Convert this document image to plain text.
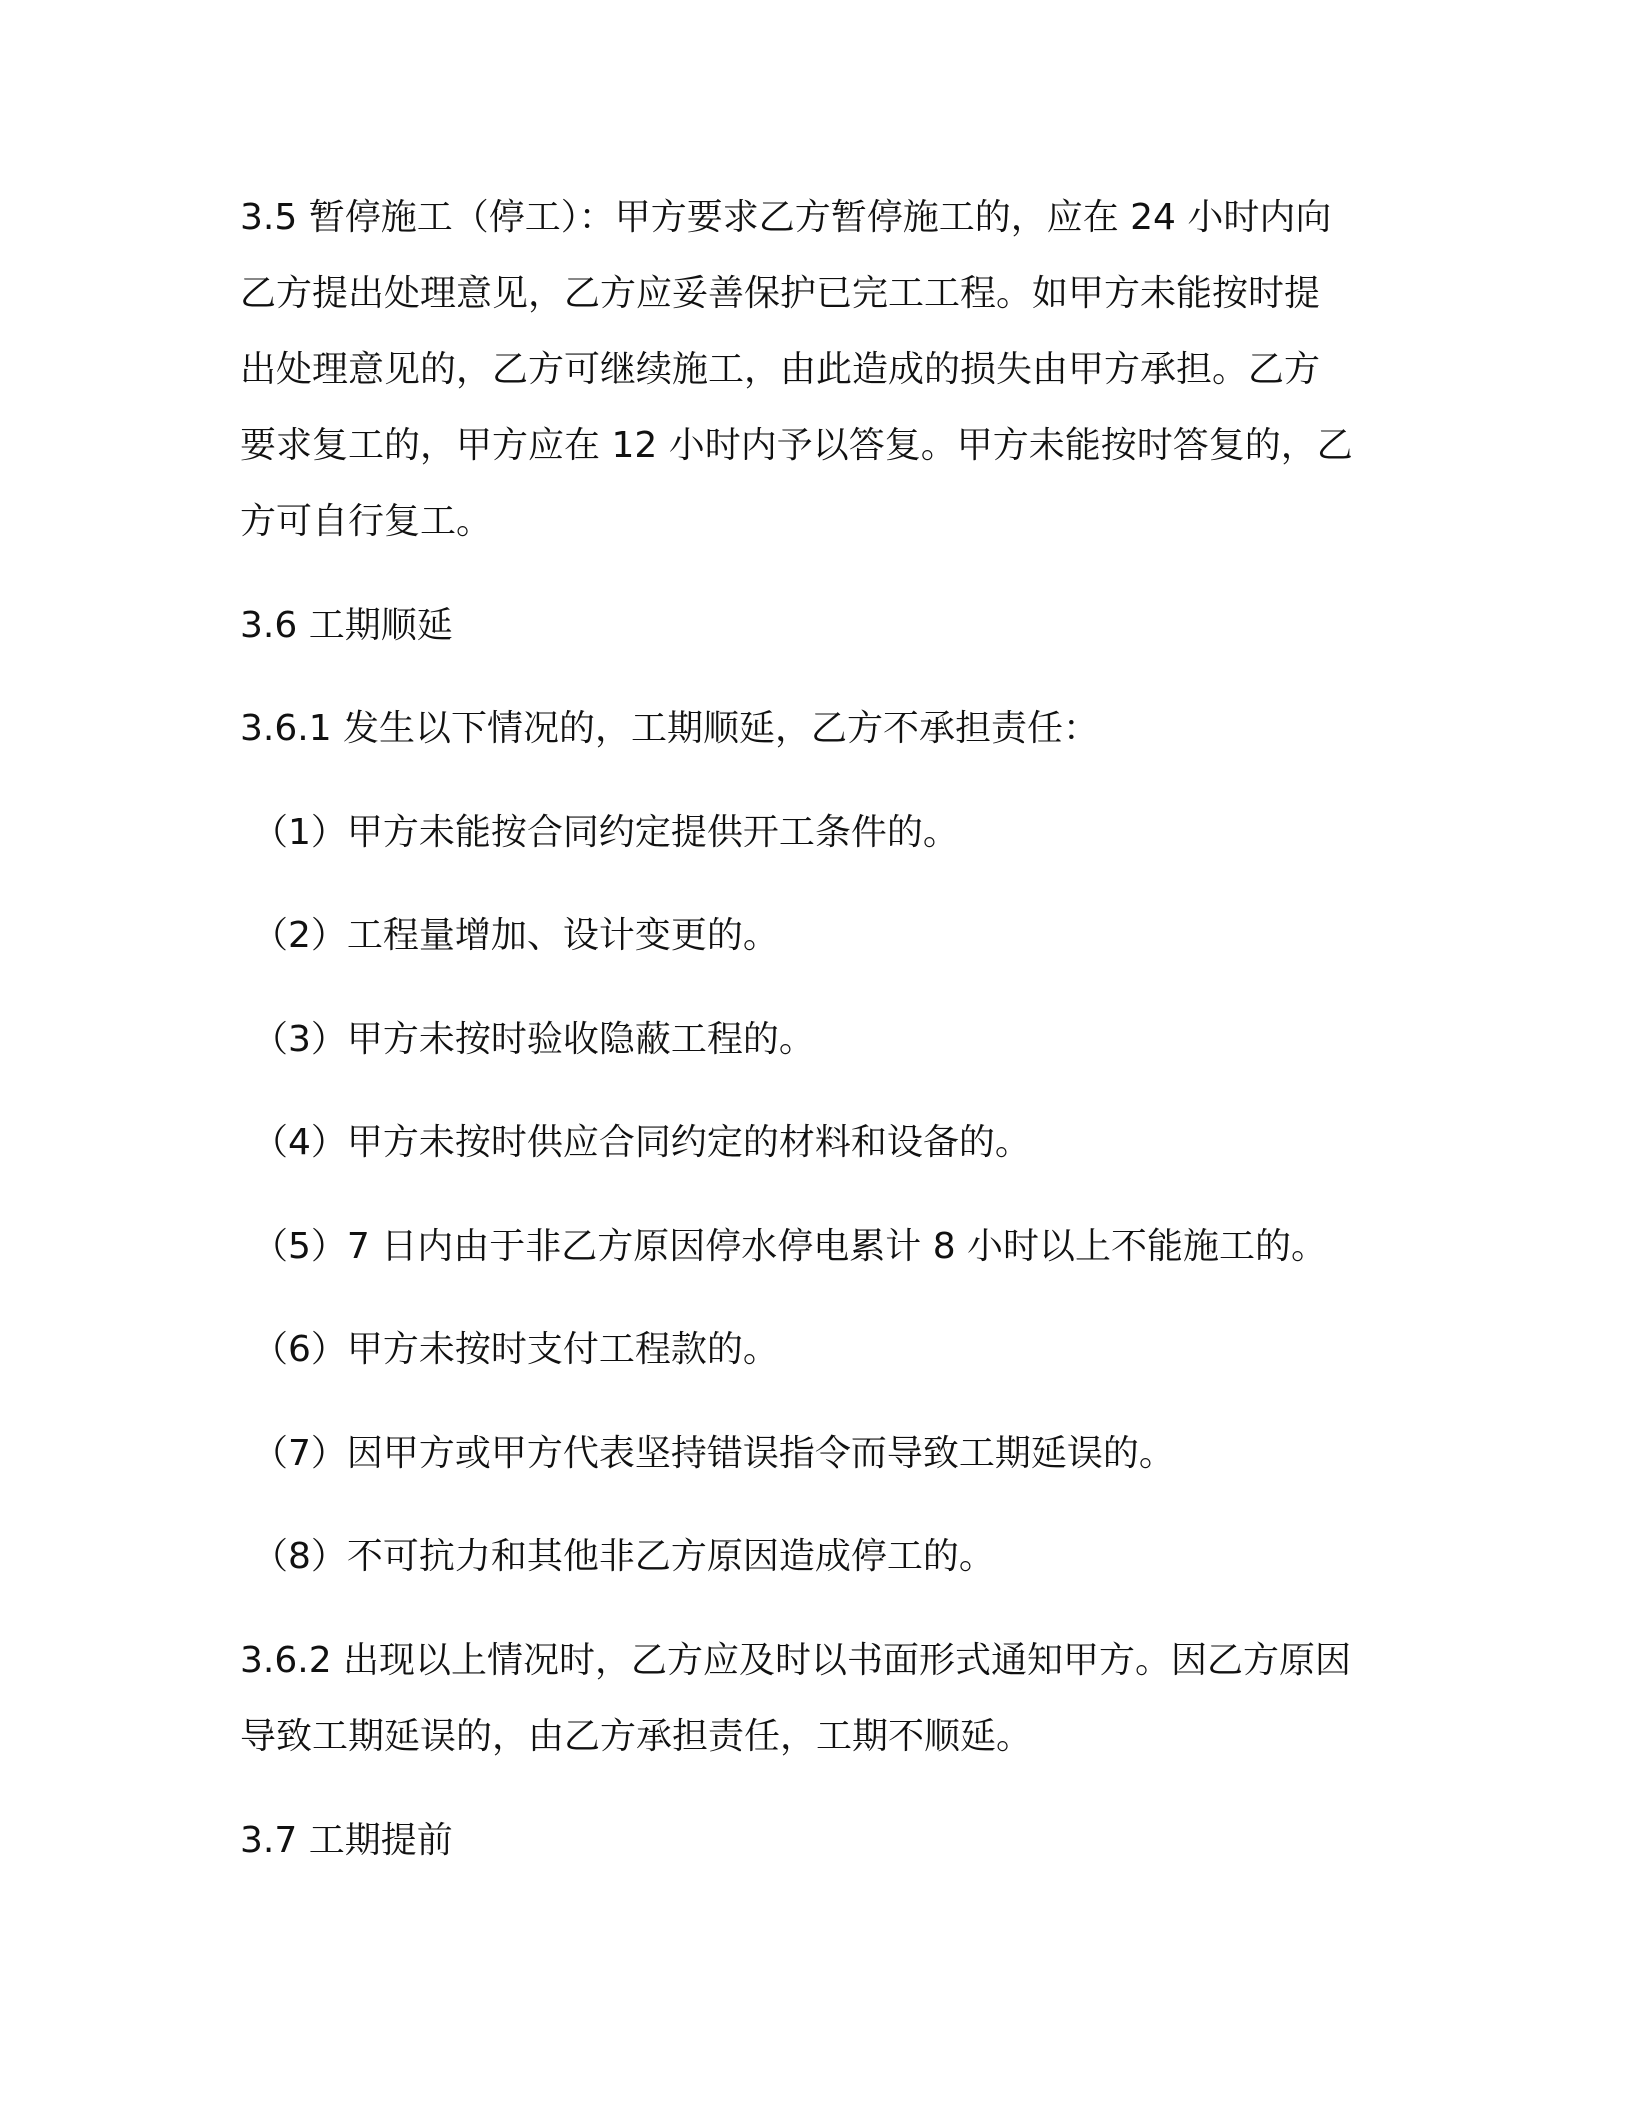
3.5 暂停施工（停工）：甲方要求乙方暂停施工的，应在 24 小时内向
乙方提出处理意见，乙方应妥善保护已完工工程。如甲方未能按时提
出处理意见的，乙方可继续施工，由此造成的损失由甲方承担。乙方
要求复工的，甲方应在 12 小时内予以答复。甲方未能按时答复的，乙
方可自行复工。
3.6 工期顺延
3.6.1 发生以下情况的，工期顺延，乙方不承担责任：
（1）甲方未能按合同约定提供开工条件的。
（2）工程量增加、设计变更的。
（3）甲方未按时验收隐蔽工程的。
（4）甲方未按时供应合同约定的材料和设备的。
（5）7 日内由于非乙方原因停水停电累计 8 小时以上不能施工的。
（6）甲方未按时支付工程款的。
（7）因甲方或甲方代表坚持错误指令而导致工期延误的。
（8）不可抗力和其他非乙方原因造成停工的。
3.6.2 出现以上情况时，乙方应及时以书面形式通知甲方。因乙方原因
导致工期延误的，由乙方承担责任，工期不顺延。
3.7 工期提前
